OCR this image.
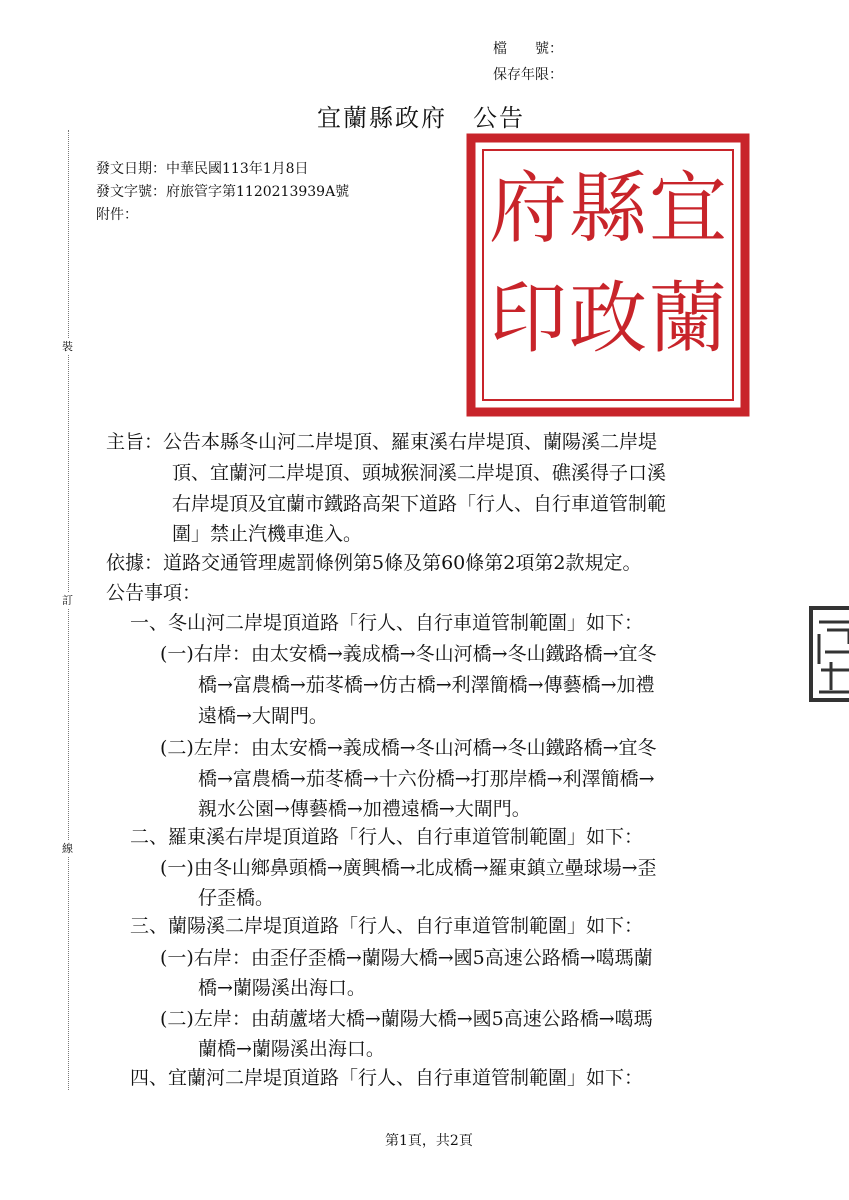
檔　　號：
保存年限：
宜蘭縣政府　公告
發文日期：中華民國113年1月8日
發文字號：府旅管字第1120213939A號
附件：
裝
訂
線
宜
蘭
縣
政
府
印
主旨：公告本縣冬山河二岸堤頂、羅東溪右岸堤頂、蘭陽溪二岸堤
頂、宜蘭河二岸堤頂、頭城猴洞溪二岸堤頂、礁溪得子口溪
右岸堤頂及宜蘭市鐵路高架下道路「行人、自行車道管制範
圍」禁止汽機車進入。
依據：道路交通管理處罰條例第5條及第60條第2項第2款規定。
公告事項：
一、冬山河二岸堤頂道路「行人、自行車道管制範圍」如下：
(一)右岸：由太安橋→義成橋→冬山河橋→冬山鐵路橋→宜冬
橋→富農橋→茄苳橋→仿古橋→利澤簡橋→傳藝橋→加禮
遠橋→大閘門。
(二)左岸：由太安橋→義成橋→冬山河橋→冬山鐵路橋→宜冬
橋→富農橋→茄苳橋→十六份橋→打那岸橋→利澤簡橋→
親水公園→傳藝橋→加禮遠橋→大閘門。
二、羅東溪右岸堤頂道路「行人、自行車道管制範圍」如下：
(一)由冬山鄉鼻頭橋→廣興橋→北成橋→羅東鎮立壘球場→歪
仔歪橋。
三、蘭陽溪二岸堤頂道路「行人、自行車道管制範圍」如下：
(一)右岸：由歪仔歪橋→蘭陽大橋→國5高速公路橋→噶瑪蘭
橋→蘭陽溪出海口。
(二)左岸：由葫蘆堵大橋→蘭陽大橋→國5高速公路橋→噶瑪
蘭橋→蘭陽溪出海口。
四、宜蘭河二岸堤頂道路「行人、自行車道管制範圍」如下：
第1頁，共2頁
